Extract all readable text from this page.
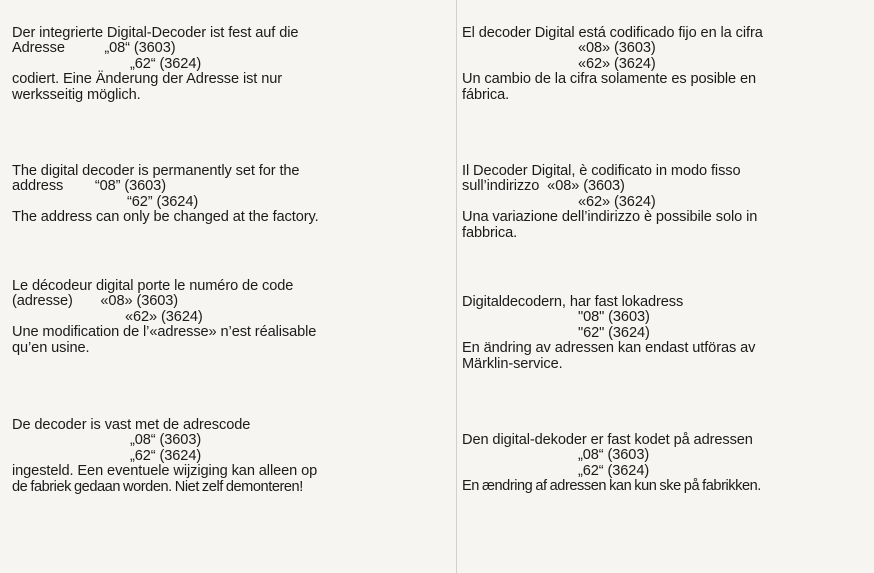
Der integrierte Digital-Decoder ist fest auf die
Adresse          „08“ (3603)
„62“ (3624)
codiert. Eine Änderung der Adresse ist nur
werksseitig möglich.
The digital decoder is permanently set for the
address        “08” (3603)
“62” (3624)
The address can only be changed at the factory.
Le décodeur digital porte le numéro de code
(adresse)       «08» (3603)
«62» (3624)
Une modification de l’«adresse» n’est réalisable
qu’en usine.
De decoder is vast met de adrescode
„08“ (3603)
„62“ (3624)
ingesteld. Een eventuele wijziging kan alleen op
de fabriek gedaan worden. Niet zelf demonteren!
El decoder Digital está codificado fijo en la cifra
«08» (3603)
«62» (3624)
Un cambio de la cifra solamente es posible en
fábrica.
Il Decoder Digital, è codificato in modo fisso
sull’indirizzo  «08» (3603)
«62» (3624)
Una variazione dell’indirizzo è possibile solo in
fabbrica.
Digitaldecodern, har fast lokadress
"08" (3603)
"62" (3624)
En ändring av adressen kan endast utföras av
Märklin-service.
Den digital-dekoder er fast kodet på adressen
„08“ (3603)
„62“ (3624)
En ændring af adressen kan kun ske på fabrikken.
